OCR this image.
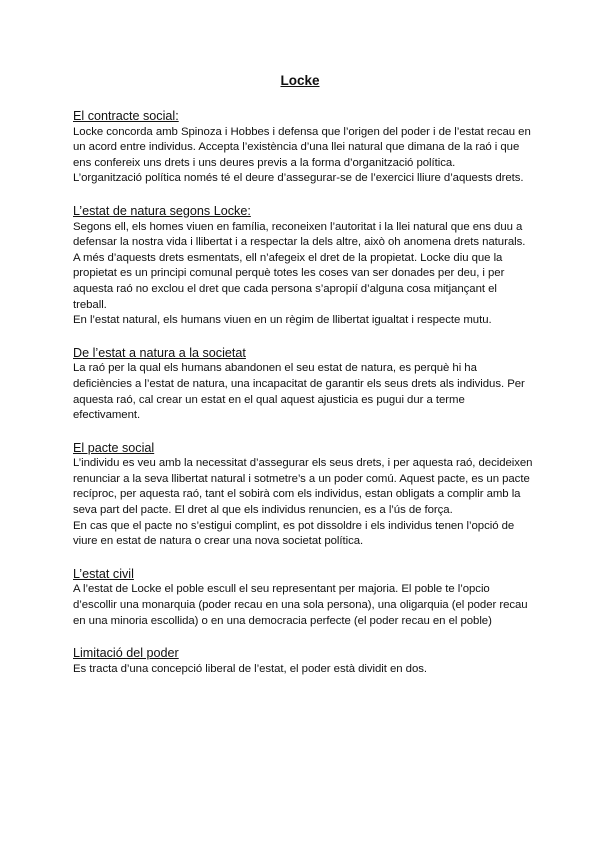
Locke
El contracte social:

Locke concorda amb Spinoza i Hobbes i defensa que l’origen del poder i de l’estat recau en un acord entre individus. Accepta l’existència d’una llei natural que dimana de la raó i que ens confereix uns drets i uns deures previs a la forma d’organització política.

L’organització política només té el deure d’assegurar-se de l’exercici lliure d’aquests drets.

L’estat de natura segons Locke:

Segons ell, els homes viuen en família, reconeixen l’autoritat i la llei natural que ens duu a defensar la nostra vida i llibertat i a respectar la dels altre, això oh anomena drets naturals. A més d’aquests drets esmentats, ell n’afegeix el dret de la propietat. Locke diu que la propietat es un principi comunal perquè totes les coses van ser donades per deu, i per aquesta raó no exclou el dret que cada persona s’apropií d’alguna cosa mitjançant el treball.

En l’estat natural, els humans viuen en un règim de llibertat igualtat i respecte mutu.

De l’estat a natura a la societat

La raó per la qual els humans abandonen el seu estat de natura, es perquè hi ha deficiències a l’estat de natura, una incapacitat de garantir els seus drets als individus. Per aquesta raó, cal crear un estat en el qual aquest ajusticia es pugui dur a terme efectivament.

El pacte social

L’individu es veu amb la necessitat d’assegurar els seus drets, i per aquesta raó, decideixen renunciar a la seva llibertat natural i sotmetre’s a un poder comú. Aquest pacte, es un pacte recíproc, per aquesta raó, tant el sobirà com els individus, estan obligats a complir amb la seva part del pacte. El dret al que els individus renuncien, es a l’ús de força.

En cas que el pacte no s’estigui complint, es pot dissoldre i els individus tenen l’opció de viure en estat de natura o crear una nova societat política.

L’estat civil

A l’estat de Locke el poble escull el seu representant per majoria. El poble te l’opcio d’escollir una monarquia (poder recau en una sola persona), una oligarquia (el poder recau en una minoria escollida) o en una democracia perfecte (el poder recau en el poble)

Limitació del poder

Es tracta d’una concepció liberal de l’estat, el poder està dividit en dos.
